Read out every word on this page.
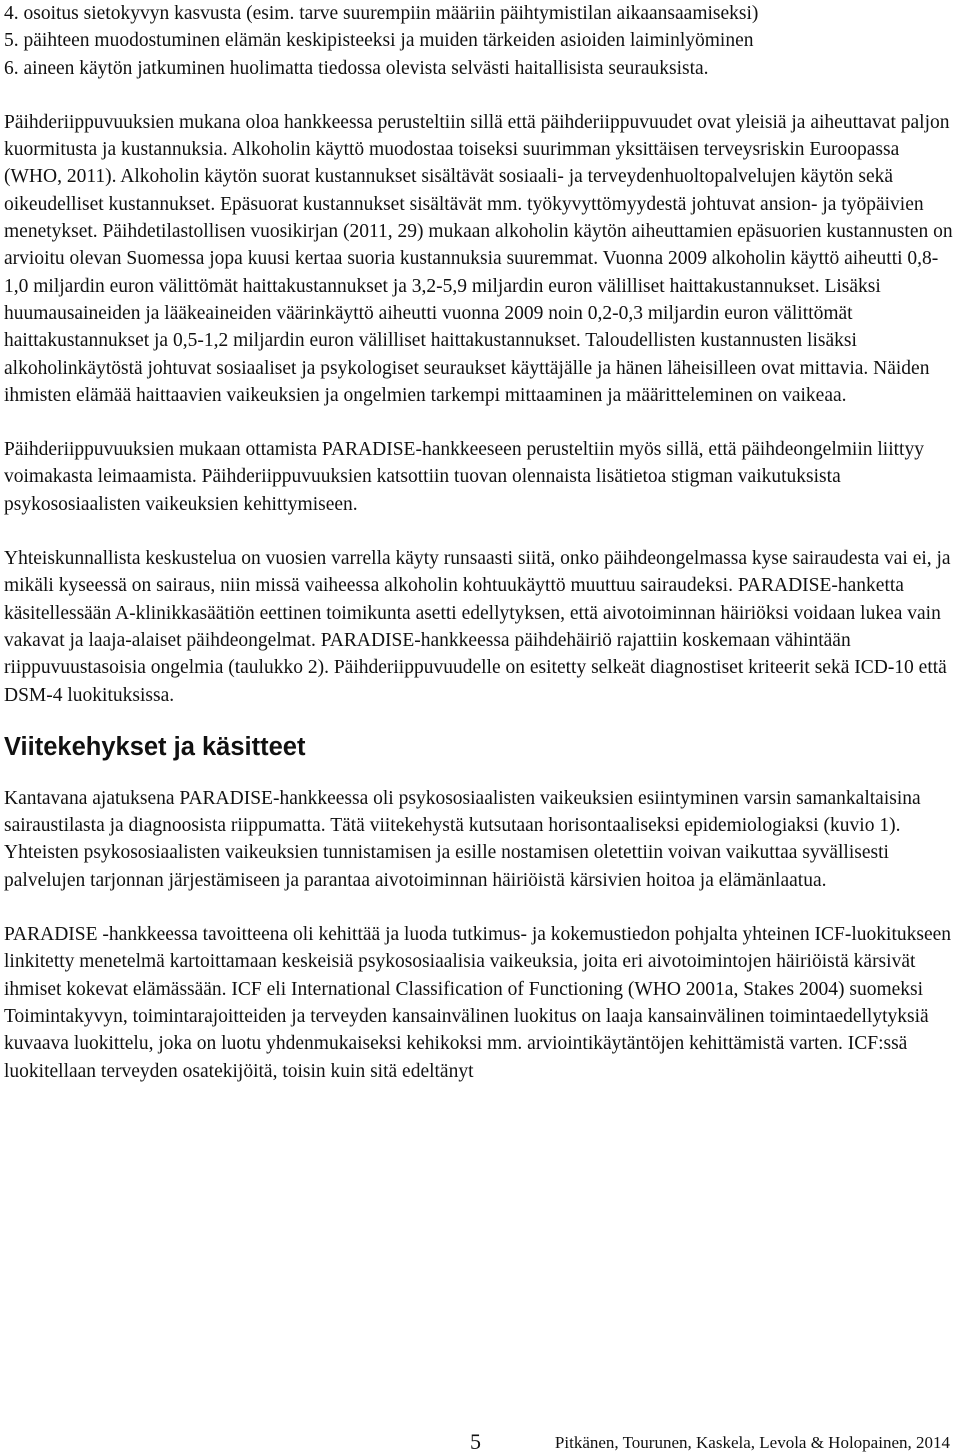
4. osoitus sietokyvyn kasvusta (esim. tarve suurempiin määriin päihtymistilan aikaansaamiseksi)

5. päihteen muodostuminen elämän keskipisteeksi ja muiden tärkeiden asioiden laiminlyöminen

6. aineen käytön jatkuminen huolimatta tiedossa olevista selvästi haitallisista seurauksista.

Päihderiippuvuuksien mukana oloa hankkeessa perusteltiin sillä että päihderiippuvuudet ovat yleisiä ja aiheuttavat paljon kuormitusta ja kustannuksia. Alkoholin käyttö muodostaa toiseksi suurimman yksittäisen terveysriskin Euroopassa (WHO, 2011). Alkoholin käytön suorat kustannukset sisältävät sosiaali- ja terveydenhuoltopalvelujen käytön sekä oikeudelliset kustannukset. Epäsuorat kustannukset sisältävät mm. työkyvyttömyydestä johtuvat ansion- ja työpäivien menetykset. Päihdetilastollisen vuosikirjan (2011, 29) mukaan alkoholin käytön aiheuttamien epäsuorien kustannusten on arvioitu olevan Suomessa jopa kuusi kertaa suoria kustannuksia suuremmat. Vuonna 2009 alkoholin käyttö aiheutti 0,8-1,0 miljardin euron välittömät haittakustannukset ja 3,2-5,9 miljardin euron välilliset haittakustannukset. Lisäksi huumausaineiden ja lääkeaineiden väärinkäyttö aiheutti vuonna 2009 noin 0,2-0,3 miljardin euron välittömät haittakustannukset ja 0,5-1,2 miljardin euron välilliset haittakustannukset. Taloudellisten kustannusten lisäksi alkoholinkäytöstä johtuvat sosiaaliset ja psykologiset seuraukset käyttäjälle ja hänen läheisilleen ovat mittavia. Näiden ihmisten elämää haittaavien vaikeuksien ja ongelmien tarkempi mittaaminen ja määritteleminen on vaikeaa.

Päihderiippuvuuksien mukaan ottamista PARADISE-hankkeeseen perusteltiin myös sillä, että päihdeongelmiin liittyy voimakasta leimaamista. Päihderiippuvuuksien katsottiin tuovan olennaista lisätietoa stigman vaikutuksista psykososiaalisten vaikeuksien kehittymiseen.

Yhteiskunnallista keskustelua on vuosien varrella käyty runsaasti siitä, onko päihdeongelmassa kyse sairaudesta vai ei, ja mikäli kyseessä on sairaus, niin missä vaiheessa alkoholin kohtuukäyttö muuttuu sairaudeksi. PARADISE-hanketta käsitellessään A-klinikkasäätiön eettinen toimikunta asetti edellytyksen, että aivotoiminnan häiriöksi voidaan lukea vain vakavat ja laaja-alaiset päihdeongelmat. PARADISE-hankkeessa päihdehäiriö rajattiin koskemaan vähintään riippuvuustasoisia ongelmia (taulukko 2). Päihderiippuvuudelle on esitetty selkeät diagnostiset kriteerit sekä ICD-10 että DSM-4 luokituksissa.

Viitekehykset ja käsitteet

Kantavana ajatuksena PARADISE-hankkeessa oli psykososiaalisten vaikeuksien esiintyminen varsin samankaltaisina sairaustilasta ja diagnoosista riippumatta. Tätä viitekehystä kutsutaan horisontaaliseksi epidemiologiaksi (kuvio 1). Yhteisten psykososiaalisten vaikeuksien tunnistamisen ja esille nostamisen oletettiin voivan vaikuttaa syvällisesti palvelujen tarjonnan järjestämiseen ja parantaa aivotoiminnan häiriöistä kärsivien hoitoa ja elämänlaatua.

PARADISE -hankkeessa tavoitteena oli kehittää ja luoda tutkimus- ja kokemustiedon pohjalta yhteinen ICF-luokitukseen linkitetty menetelmä kartoittamaan keskeisiä psykososiaalisia vaikeuksia, joita eri aivotoimintojen häiriöistä kärsivät ihmiset kokevat elämässään. ICF eli International Classification of Functioning (WHO 2001a, Stakes 2004) suomeksi Toimintakyvyn, toimintarajoitteiden ja terveyden kansainvälinen luokitus on laaja kansainvälinen toimintaedellytyksiä kuvaava luokittelu, joka on luotu yhdenmukaiseksi kehikoksi mm. arviointikäytäntöjen kehittämistä varten. ICF:ssä luokitellaan terveyden osatekijöitä, toisin kuin sitä edeltänyt

5	Pitkänen, Tourunen, Kaskela, Levola & Holopainen, 2014
